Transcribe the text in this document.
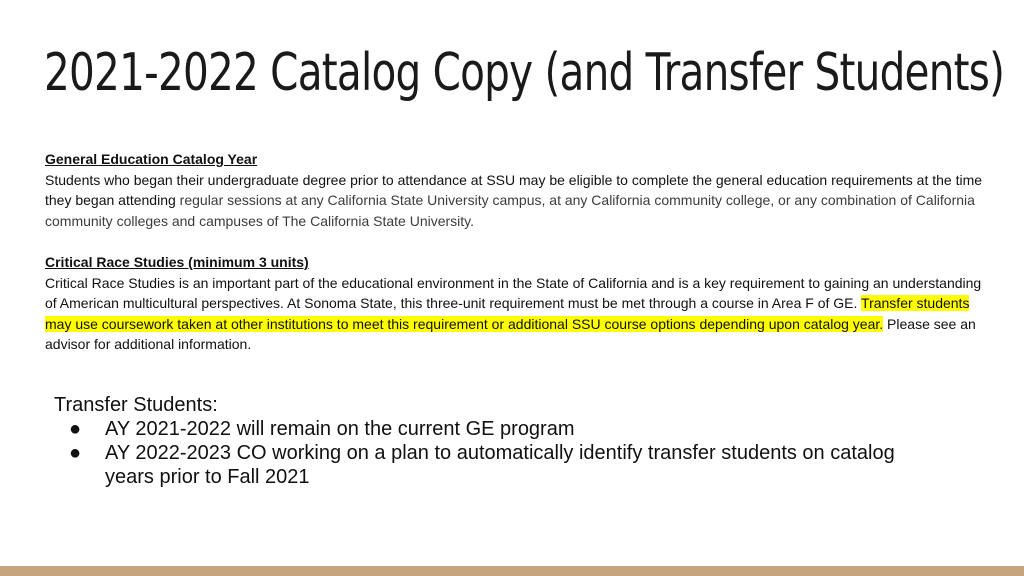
2021-2022 Catalog Copy (and Transfer Students)
General Education Catalog Year
Students who began their undergraduate degree prior to attendance at SSU may be eligible to complete the general education requirements at the time they began attending regular sessions at any California State University campus, at any California community college, or any combination of California community colleges and campuses of The California State University.
Critical Race Studies (minimum 3 units)
Critical Race Studies is an important part of the educational environment in the State of California and is a key requirement to gaining an understanding of American multicultural perspectives. At Sonoma State, this three-unit requirement must be met through a course in Area F of GE. Transfer students may use coursework taken at other institutions to meet this requirement or additional SSU course options depending upon catalog year. Please see an advisor for additional information.
Transfer Students:
● AY 2021-2022 will remain on the current GE program
● AY 2022-2023 CO working on a plan to automatically identify transfer students on catalog years prior to Fall 2021
